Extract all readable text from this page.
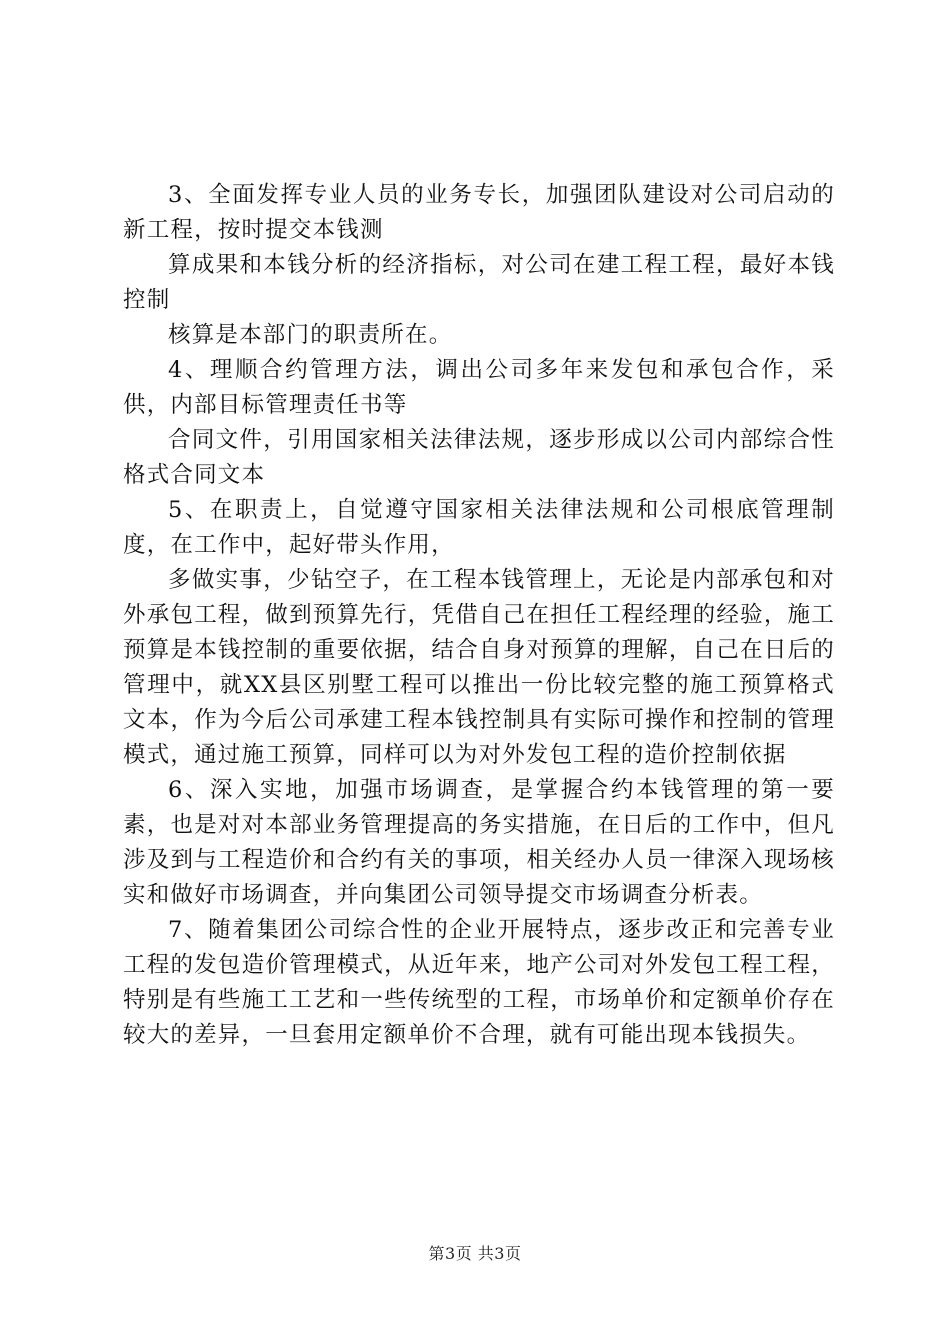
3、全面发挥专业人员的业务专长，加强团队建设对公司启动的新工程，按时提交本钱测

算成果和本钱分析的经济指标，对公司在建工程工程，最好本钱控制

核算是本部门的职责所在。

4、理顺合约管理方法，调出公司多年来发包和承包合作，采供，内部目标管理责任书等

合同文件，引用国家相关法律法规，逐步形成以公司内部综合性格式合同文本

5、在职责上，自觉遵守国家相关法律法规和公司根底管理制度，在工作中，起好带头作用，

多做实事，少钻空子，在工程本钱管理上，无论是内部承包和对外承包工程，做到预算先行，凭借自己在担任工程经理的经验，施工预算是本钱控制的重要依据，结合自身对预算的理解，自己在日后的管理中，就XX县区别墅工程可以推出一份比较完整的施工预算格式文本，作为今后公司承建工程本钱控制具有实际可操作和控制的管理模式，通过施工预算，同样可以为对外发包工程的造价控制依据

6、深入实地，加强市场调查，是掌握合约本钱管理的第一要素，也是对对本部业务管理提高的务实措施，在日后的工作中，但凡涉及到与工程造价和合约有关的事项，相关经办人员一律深入现场核实和做好市场调查，并向集团公司领导提交市场调查分析表。

7、随着集团公司综合性的企业开展特点，逐步改正和完善专业工程的发包造价管理模式，从近年来，地产公司对外发包工程工程，特别是有些施工工艺和一些传统型的工程，市场单价和定额单价存在较大的差异，一旦套用定额单价不合理，就有可能出现本钱损失。

第3页 共3页
